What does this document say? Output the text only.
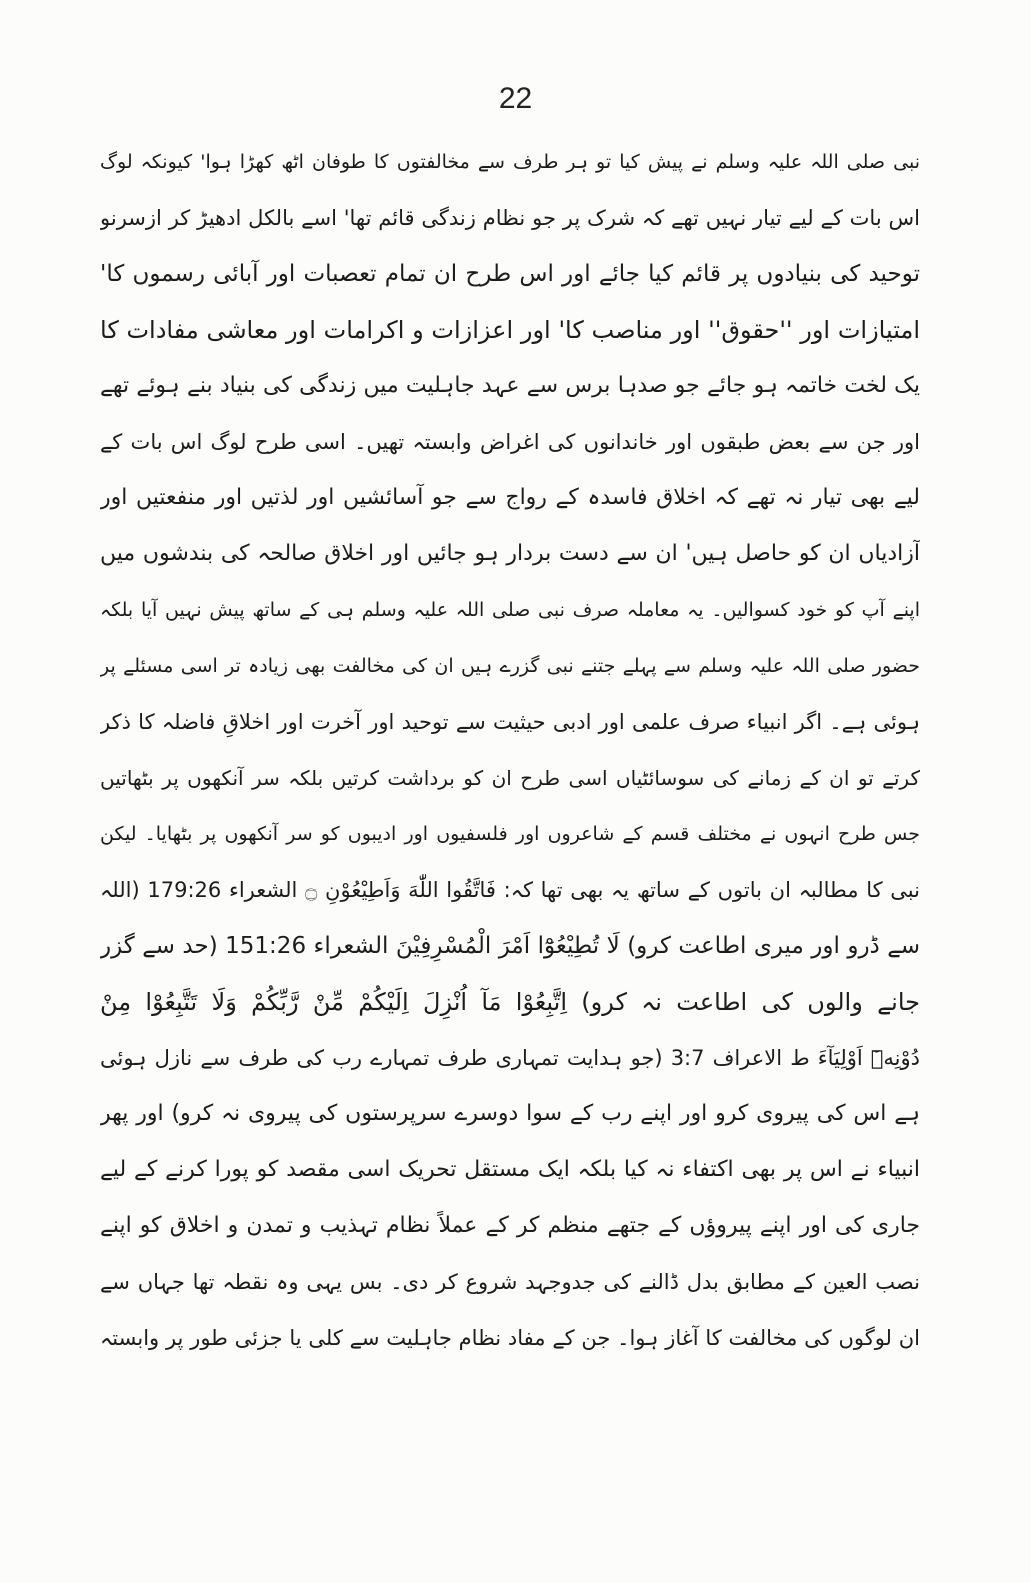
22
نبی صلی اللہ علیہ وسلم نے پیش کیا تو ہر طرف سے مخالفتوں کا طوفان اٹھ کھڑا ہوا' کیونکہ لوگ
اس بات کے لیے تیار نہیں تھے کہ شرک پر جو نظام زندگی قائم تھا' اسے بالکل ادھیڑ کر ازسرنو
توحید کی بنیادوں پر قائم کیا جائے اور اس طرح ان تمام تعصبات اور آبائی رسموں کا'
امتیازات اور ''حقوق'' اور مناصب کا' اور اعزازات و اکرامات اور معاشی مفادات کا
یک لخت خاتمہ ہو جائے جو صدہا برس سے عہد جاہلیت میں زندگی کی بنیاد بنے ہوئے تھے
اور جن سے بعض طبقوں اور خاندانوں کی اغراض وابستہ تھیں۔ اسی طرح لوگ اس بات کے
لیے بھی تیار نہ تھے کہ اخلاق فاسدہ کے رواج سے جو آسائشیں اور لذتیں اور منفعتیں اور
آزادیاں ان کو حاصل ہیں' ان سے دست بردار ہو جائیں اور اخلاق صالحہ کی بندشوں میں
اپنے آپ کو خود کسوالیں۔ یہ معاملہ صرف نبی صلی اللہ علیہ وسلم ہی کے ساتھ پیش نہیں آیا بلکہ
حضور صلی اللہ علیہ وسلم سے پہلے جتنے نبی گزرے ہیں ان کی مخالفت بھی زیادہ تر اسی مسئلے پر
ہوئی ہے۔ اگر انبیاء صرف علمی اور ادبی حیثیت سے توحید اور آخرت اور اخلاقِ فاضلہ کا ذکر
کرتے تو ان کے زمانے کی سوسائٹیاں اسی طرح ان کو برداشت کرتیں بلکہ سر آنکھوں پر بٹھاتیں
جس طرح انہوں نے مختلف قسم کے شاعروں اور فلسفیوں اور ادیبوں کو سر آنکھوں پر بٹھایا۔ لیکن
نبی کا مطالبہ ان باتوں کے ساتھ یہ بھی تھا کہ: فَاتَّقُوا اللّٰهَ وَاَطِیْعُوْنِ ۝ الشعراء 179:26 (اللہ
سے ڈرو اور میری اطاعت کرو) لَا تُطِیْعُوْٓا اَمْرَ الْمُسْرِفِیْنَ الشعراء 151:26 (حد سے گزر
جانے والوں کی اطاعت نہ کرو) اِتَّبِعُوْا مَآ اُنْزِلَ اِلَیْکُمْ مِّنْ رَّبِّکُمْ وَلَا تَتَّبِعُوْا مِنْ
دُوْنِهٖٓ اَوْلِیَآءَ ط الاعراف 3:7 (جو ہدایت تمہاری طرف تمہارے رب کی طرف سے نازل ہوئی
ہے اس کی پیروی کرو اور اپنے رب کے سوا دوسرے سرپرستوں کی پیروی نہ کرو) اور پھر
انبیاء نے اس پر بھی اکتفاء نہ کیا بلکہ ایک مستقل تحریک اسی مقصد کو پورا کرنے کے لیے
جاری کی اور اپنے پیروؤں کے جتھے منظم کر کے عملاً نظام تہذیب و تمدن و اخلاق کو اپنے
نصب العین کے مطابق بدل ڈالنے کی جدوجہد شروع کر دی۔ بس یہی وہ نقطہ تھا جہاں سے
ان لوگوں کی مخالفت کا آغاز ہوا۔ جن کے مفاد نظام جاہلیت سے کلی یا جزئی طور پر وابستہ
